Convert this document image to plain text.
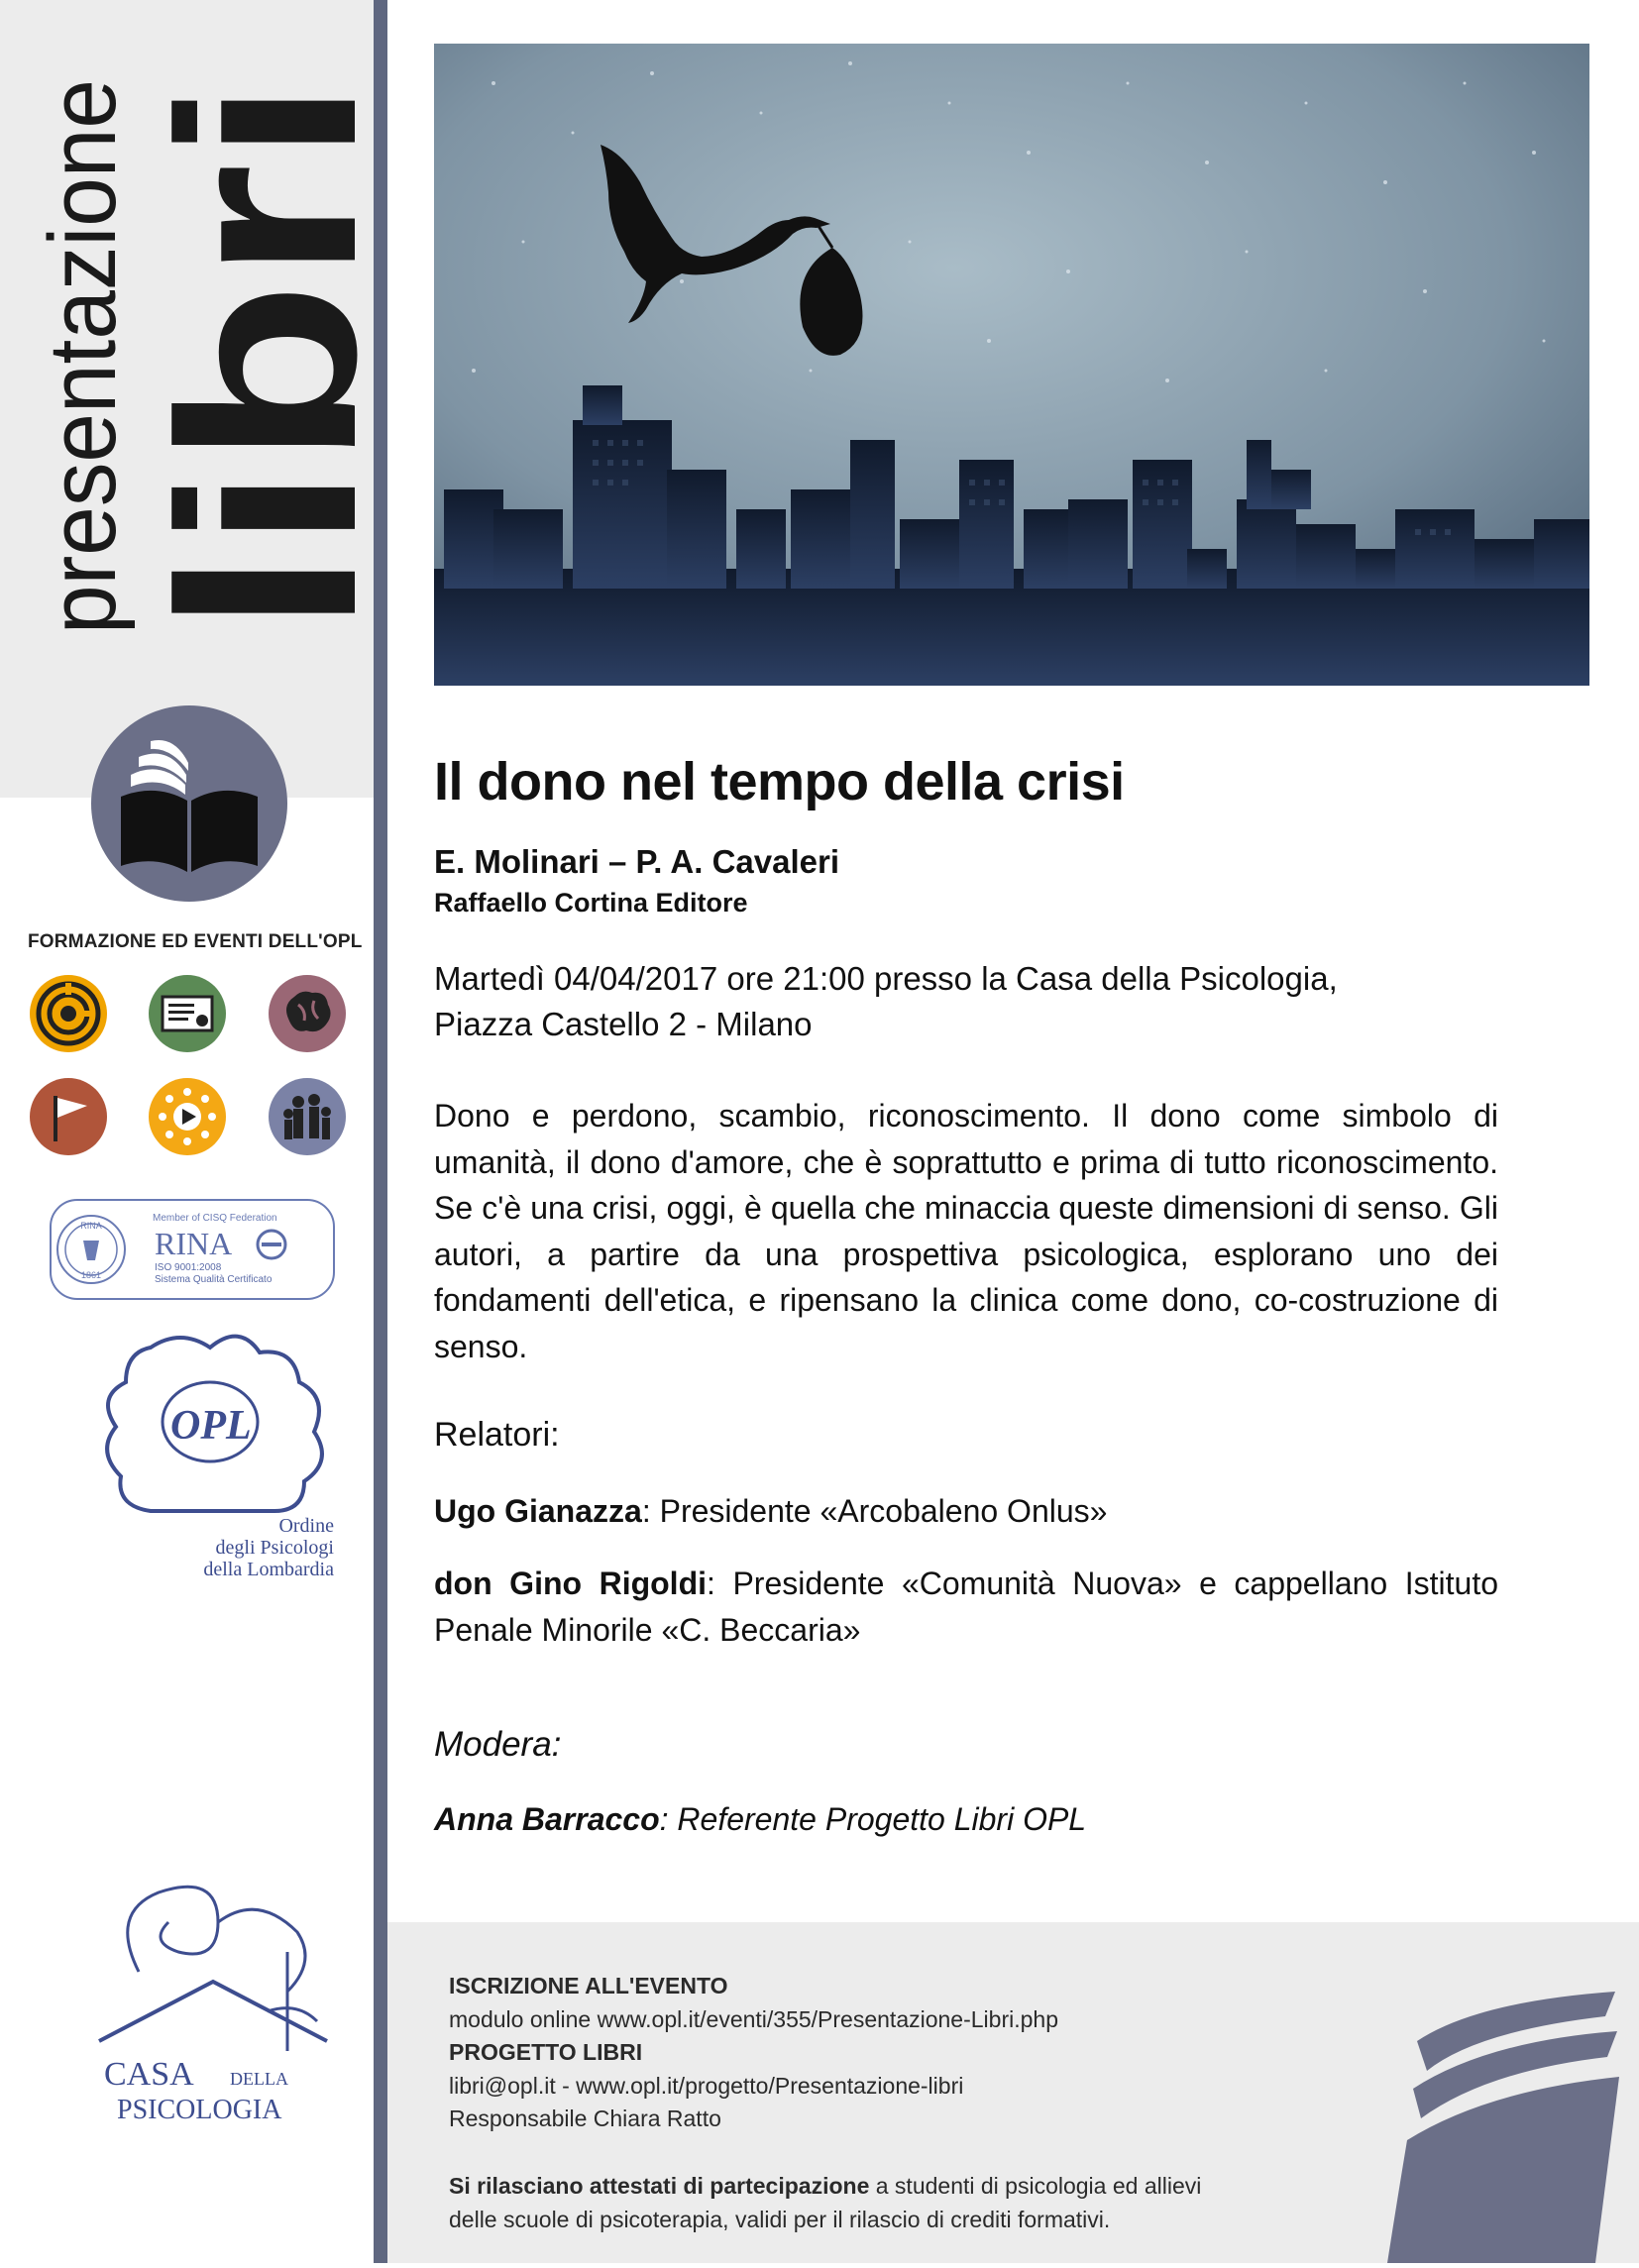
presentazione
libri
FORMAZIONE ED EVENTI DELL'OPL
RINA
1861
Member of CISQ Federation
RINA
ISO 9001:2008
Sistema Qualità Certificato
OPL
Ordine
degli Psicologi
della Lombardia
CASA DELLA
PSICOLOGIA
Il dono nel tempo della crisi
E. Molinari – P. A. Cavaleri
Raffaello Cortina Editore
Martedì 04/04/2017 ore 21:00 presso la Casa della Psicologia,
Piazza Castello 2 - Milano
Dono e perdono, scambio, riconoscimento. Il dono come simbolo di umanità, il dono d'amore, che è soprattutto e prima di tutto riconoscimento. Se c'è una crisi, oggi, è quella che minaccia queste dimensioni di senso. Gli autori, a partire da una prospettiva psicologica, esplorano uno dei fondamenti dell'etica, e ripensano la clinica come dono, co-costruzione di senso.
Relatori:
Ugo Gianazza: Presidente «Arcobaleno Onlus»
don Gino Rigoldi: Presidente «Comunità Nuova» e cappellano Istituto Penale Minorile «C. Beccaria»
Modera:
Anna Barracco: Referente Progetto Libri OPL
ISCRIZIONE ALL'EVENTO
modulo online www.opl.it/eventi/355/Presentazione-Libri.php
PROGETTO LIBRI
libri@opl.it - www.opl.it/progetto/Presentazione-libri
Responsabile Chiara Ratto
Si rilasciano attestati di partecipazione a studenti di psicologia ed allievi
delle scuole di psicoterapia, validi per il rilascio di crediti formativi.
